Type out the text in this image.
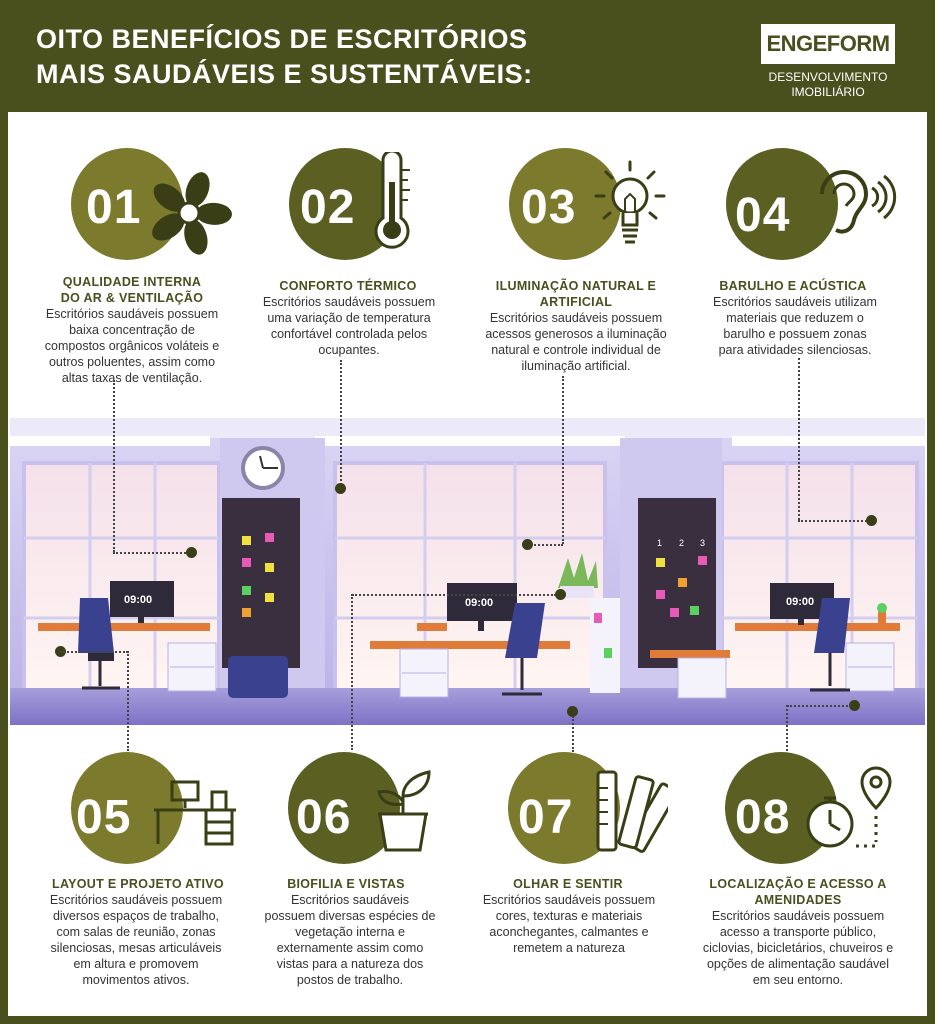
OITO BENEFÍCIOS DE ESCRITÓRIOS
MAIS SAUDÁVEIS E SUSTENTÁVEIS:
ENGEFORM
DESENVOLVIMENTO
IMOBILIÁRIO
01
QUALIDADE INTERNA
DO AR & VENTILAÇÃO
Escritórios saudáveis possuem
baixa concentração de
compostos orgânicos voláteis e
outros poluentes, assim como
altas taxas de ventilação.
02
CONFORTO TÉRMICO
Escritórios saudáveis possuem
uma variação de temperatura
confortável controlada pelos
ocupantes.
03
ILUMINAÇÃO NATURAL E
ARTIFICIAL
Escritórios saudáveis possuem
acessos generosos a iluminação
natural e controle individual de
iluminação artificial.
04
BARULHO E ACÚSTICA
Escritórios saudáveis utilizam
materiais que reduzem o
barulho e possuem zonas
para atividades silenciosas.
1 2 3
09:00	09:00	09:00
05
LAYOUT E PROJETO ATIVO
Escritórios saudáveis possuem
diversos espaços de trabalho,
com salas de reunião, zonas
silenciosas, mesas articuláveis
em altura e promovem
movimentos ativos.
06
BIOFILIA E VISTAS
Escritórios saudáveis
possuem diversas espécies de
vegetação interna e
externamente assim como
vistas para a natureza dos
postos de trabalho.
07
OLHAR E SENTIR
Escritórios saudáveis possuem
cores, texturas e materiais
aconchegantes, calmantes e
remetem a natureza
08
LOCALIZAÇÃO E ACESSO A
AMENIDADES
Escritórios saudáveis possuem
acesso a transporte público,
ciclovias, bicicletários, chuveiros e
opções de alimentação saudável
em seu entorno.
